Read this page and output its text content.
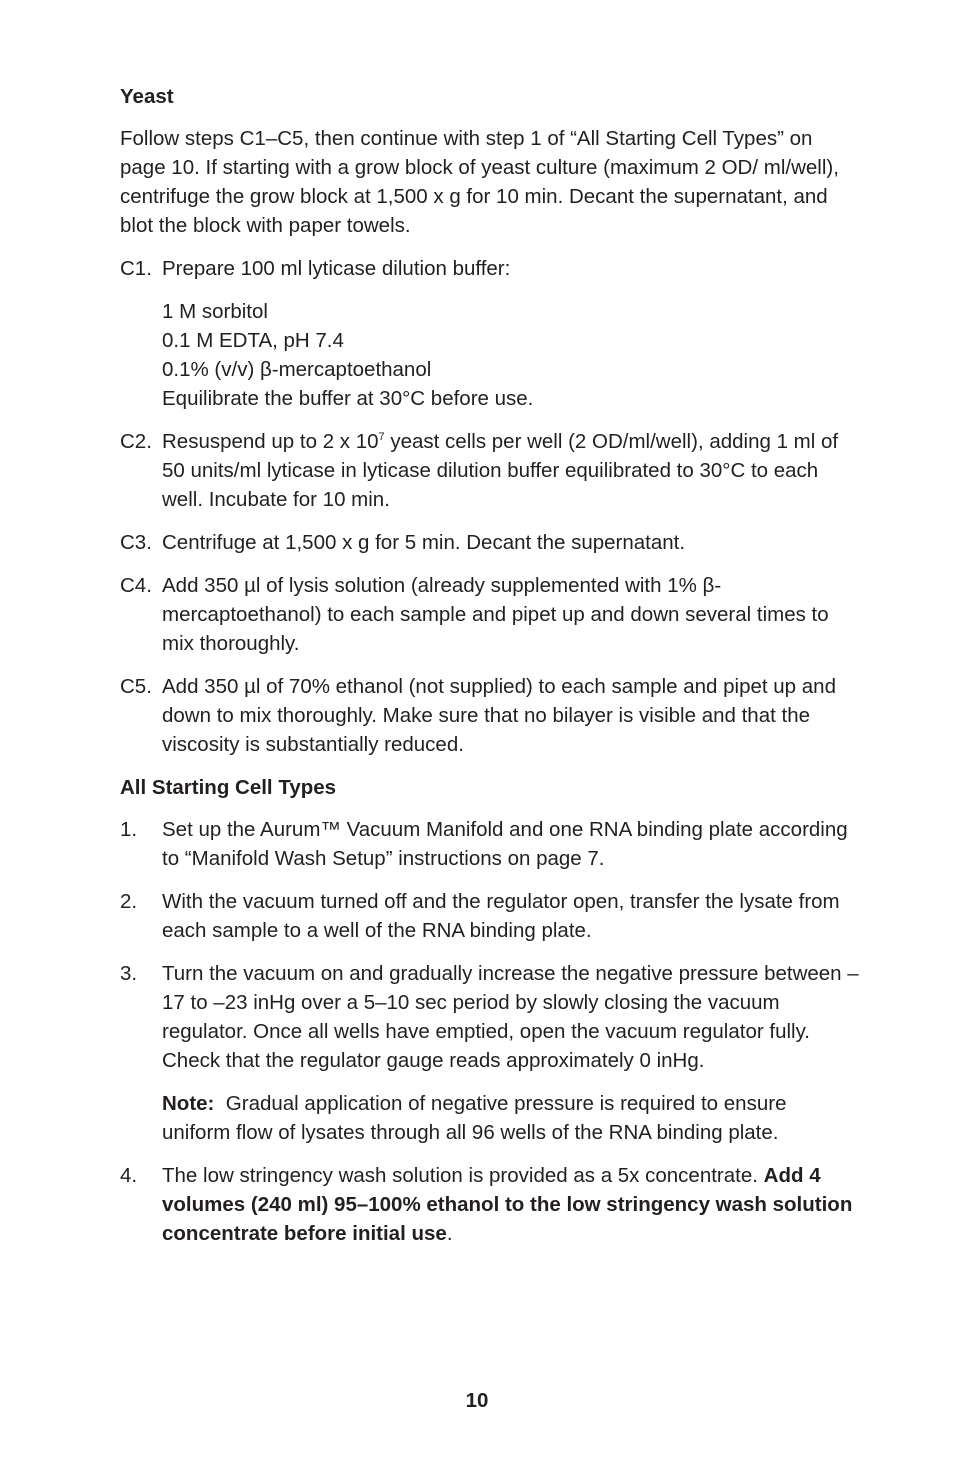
Yeast

Follow steps C1–C5, then continue with step 1 of “All Starting Cell Types” on page 10. If starting with a grow block of yeast culture (maximum 2 OD/ ml/well), centrifuge the grow block at 1,500 x g for 10 min. Decant the supernatant, and blot the block with paper towels.

C1. Prepare 100 ml lyticase dilution buffer:
1 M sorbitol
0.1 M EDTA, pH 7.4
0.1% (v/v) β-mercaptoethanol
Equilibrate the buffer at 30°C before use.
C2. Resuspend up to 2 x $10^7$ yeast cells per well (2 OD/ml/well), adding 1 ml of 50 units/ml lyticase in lyticase dilution buffer equilibrated to 30°C to each well. Incubate for 10 min.
C3. Centrifuge at 1,500 x g for 5 min. Decant the supernatant.
C4. Add 350 µl of lysis solution (already supplemented with 1% β-mercaptoethanol) to each sample and pipet up and down several times to mix thoroughly.
C5. Add 350 µl of 70% ethanol (not supplied) to each sample and pipet up and down to mix thoroughly. Make sure that no bilayer is visible and that the viscosity is substantially reduced.
All Starting Cell Types
1.	Set up the Aurum™ Vacuum Manifold and one RNA binding plate according to “Manifold Wash Setup” instructions on page 7.
2.	With the vacuum turned off and the regulator open, transfer the lysate from each sample to a well of the RNA binding plate.
3.	Turn the vacuum on and gradually increase the negative pressure between –17 to –23 inHg over a 5–10 sec period by slowly closing the vacuum regulator. Once all wells have emptied, open the vacuum regulator fully. Check that the regulator gauge reads approximately 0 inHg.
Note: Gradual application of negative pressure is required to ensure uniform flow of lysates through all 96 wells of the RNA binding plate.
4.	The low stringency wash solution is provided as a 5x concentrate. Add 4 volumes (240 ml) 95–100% ethanol to the low stringency wash solution concentrate before initial use.
10
